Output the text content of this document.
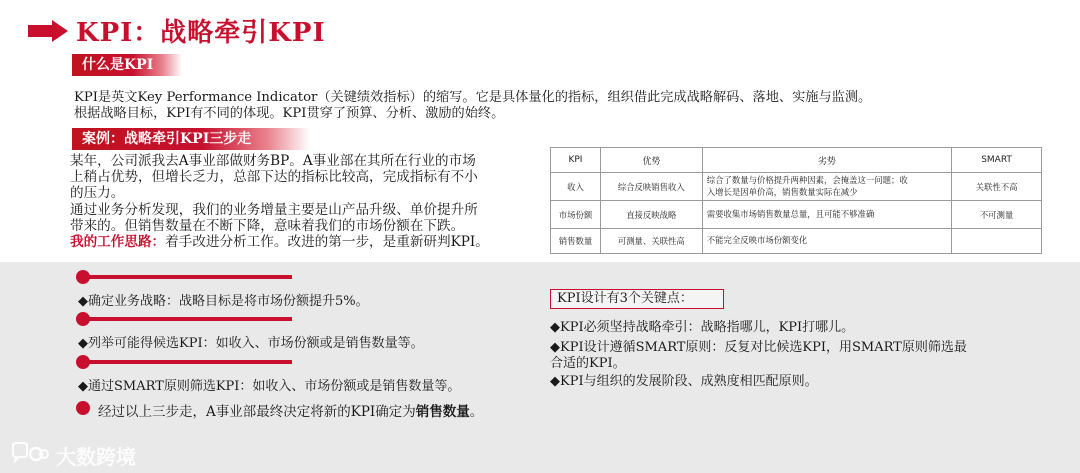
KPI：战略牵引KPI
什么是KPI
KPI是英文Key Performance Indicator（关键绩效指标）的缩写。它是具体量化的指标，组织借此完成战略解码、落地、实施与监测。
根据战略目标，KPI有不同的体现。KPI贯穿了预算、分析、激励的始终。
案例：战略牵引KPI三步走
某年，公司派我去A事业部做财务BP。A事业部在其所在行业的市场
上稍占优势，但增长乏力，总部下达的指标比较高，完成指标有不小
的压力。
通过业务分析发现，我们的业务增量主要是山产品升级、单价提升所
带来的。但销售数量在不断下降，意味着我们的市场份额在下跌。
我的工作思路：着手改进分析工作。改进的第一步，是重新研判KPI。
KPI	优势	劣势	SMART
收入	综合反映销售收入	综合了数量与价格提升两种因素，会掩盖这一问题；收
入增长是因单价高，销售数量实际在减少	关联性不高
市场份额	直接反映战略	需要收集市场销售数量总量，且可能不够准确	不可测量
销售数量	可测量、关联性高	不能完全反映市场份额变化	

◆确定业务战略：战略目标是将市场份额提升5%。
◆列举可能得候选KPI：如收入、市场份额或是销售数量等。
◆通过SMART原则筛选KPI：如收入、市场份额或是销售数量等。
经过以上三步走，A事业部最终决定将新的KPI确定为销售数量。
KPI设计有3个关键点：
◆KPI必须坚持战略牵引：战略指哪儿，KPI打哪儿。
◆KPI设计遵循SMART原则：反复对比候选KPI，用SMART原则筛选最
合适的KPI。
◆KPI与组织的发展阶段、成熟度相匹配原则。
大数跨境
